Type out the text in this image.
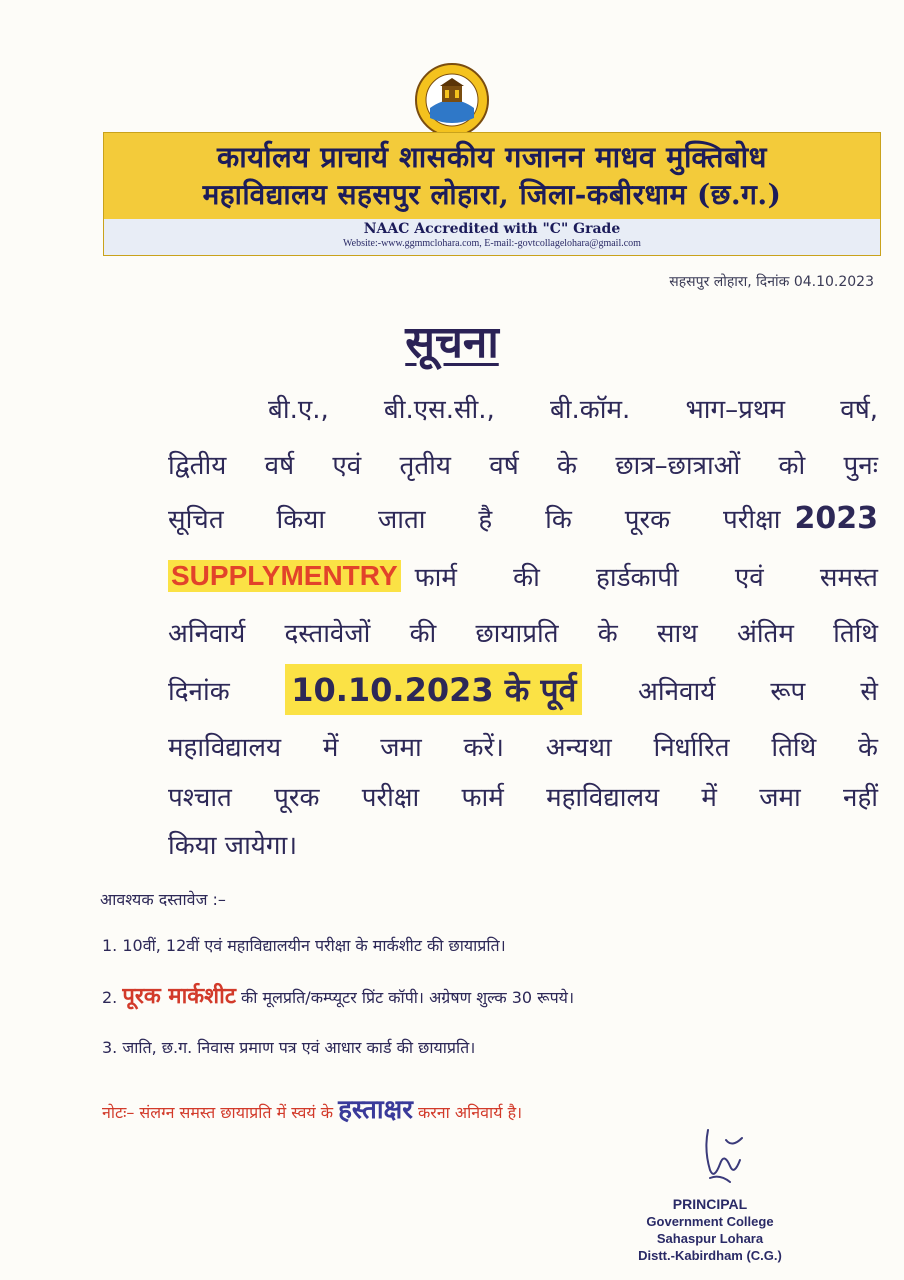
कार्यालय प्राचार्य शासकीय गजानन माधव मुक्तिबोध
महाविद्यालय सहसपुर लोहारा, जिला-कबीरधाम (छ.ग.)
NAAC Accredited with "C" Grade
Website:-www.ggmmclohara.com, E-mail:-govtcollagelohara@gmail.com
सहसपुर लोहारा, दिनांक 04.10.2023
सूचना
बी.ए., बी.एस.सी., बी.कॉम. भाग–प्रथम वर्ष,
द्वितीय वर्ष एवं तृतीय वर्ष के छात्र–छात्राओं को पुनः
सूचित किया जाता है कि पूरक परीक्षा 2023
SUPPLYMENTRY फार्म की हार्डकापी एवं समस्त
अनिवार्य दस्तावेजों की छायाप्रति के साथ अंतिम तिथि
दिनांक 10.10.2023 के पूर्व अनिवार्य रूप से
महाविद्यालय में जमा करें। अन्यथा निर्धारित तिथि के
पश्चात पूरक परीक्षा फार्म महाविद्यालय में जमा नहीं
किया जायेगा।
आवश्यक दस्तावेज :–
1. 10वीं, 12वीं एवं महाविद्यालयीन परीक्षा के मार्कशीट की छायाप्रति।
2. पूरक मार्कशीट की मूलप्रति/कम्प्यूटर प्रिंट कॉपी। अग्रेषण शुल्क 30 रूपये।
3. जाति, छ.ग. निवास प्रमाण पत्र एवं आधार कार्ड की छायाप्रति।
नोटः– संलग्न समस्त छायाप्रति में स्वयं के हस्ताक्षर करना अनिवार्य है।
PRINCIPAL
Government College
Sahaspur Lohara
Distt.-Kabirdham (C.G.)
